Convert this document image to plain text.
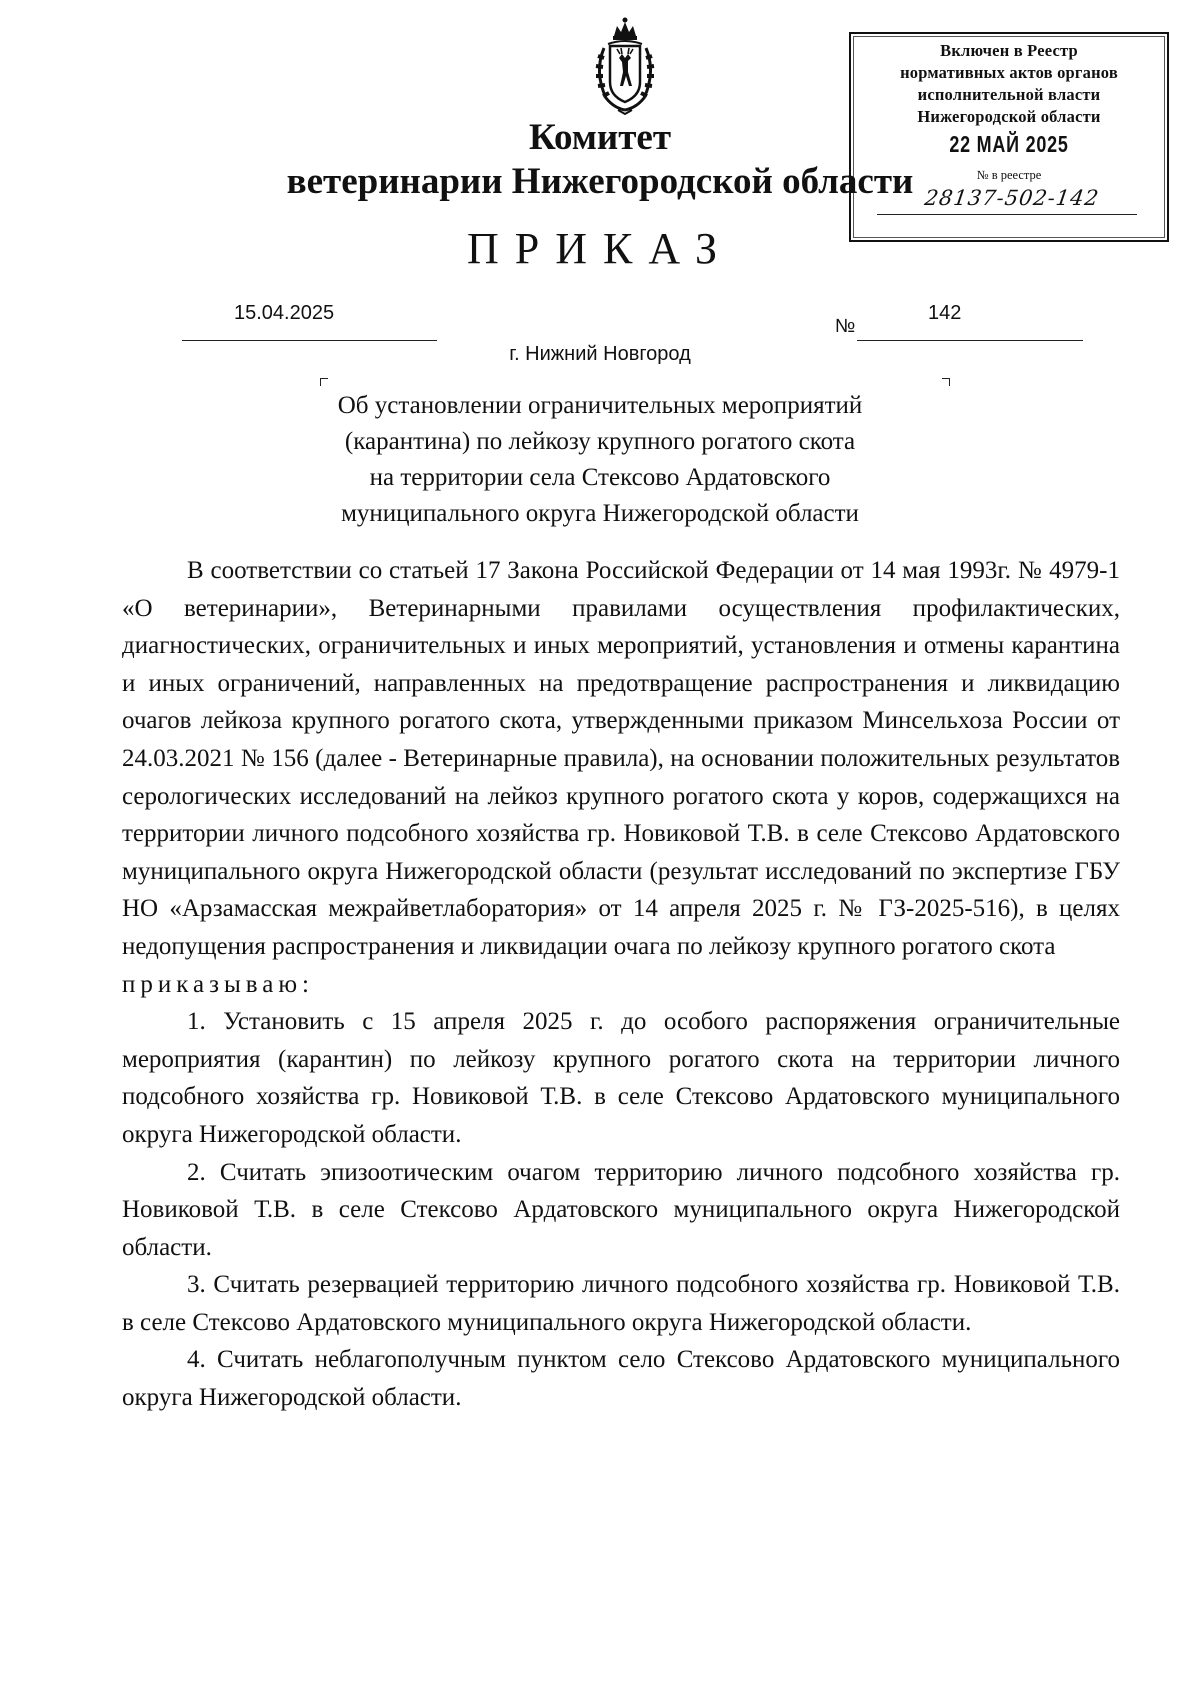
Включен в Реестр
нормативных актов органов
исполнительной власти
Нижегородской области
22 МАЙ 2025
№ в реестре
28137-502-142
Комитет
ветеринарии Нижегородской области
ПРИКАЗ
15.04.2025
№
142
г. Нижний Новгород
Об установлении ограничительных мероприятий
(карантина) по лейкозу крупного рогатого скота
на территории села Стексово Ардатовского
муниципального округа Нижегородской области

В соответствии со статьей 17 Закона Российской Федерации от 14 мая 1993г. № 4979-1 «О ветеринарии», Ветеринарными правилами осуществления профилактических, диагностических, ограничительных и иных мероприятий, установления и отмены карантина и иных ограничений, направленных на предотвращение распространения и ликвидацию очагов лейкоза крупного рогатого скота, утвержденными приказом Минсельхоза России от 24.03.2021 № 156 (далее - Ветеринарные правила), на основании положительных результатов серологических исследований на лейкоз крупного рогатого скота у коров, содержащихся на территории личного подсобного хозяйства гр. Новиковой Т.В. в селе Стексово Ардатовского муниципального округа Нижегородской области (результат исследований по экспертизе ГБУ НО «Арзамасская межрайветлаборатория» от 14 апреля 2025 г. № ГЗ-2025-516), в целях недопущения распространения и ликвидации очага по лейкозу крупного рогатого скота

приказываю:

1. Установить с 15 апреля 2025 г. до особого распоряжения ограничительные мероприятия (карантин) по лейкозу крупного рогатого скота на территории личного подсобного хозяйства гр. Новиковой Т.В. в селе Стексово Ардатовского муниципального округа Нижегородской области.

2. Считать эпизоотическим очагом территорию личного подсобного хозяйства гр. Новиковой Т.В. в селе Стексово Ардатовского муниципального округа Нижегородской области.

3. Считать резервацией территорию личного подсобного хозяйства гр. Новиковой Т.В. в селе Стексово Ардатовского муниципального округа Нижегородской области.

4. Считать неблагополучным пунктом село Стексово Ардатовского муниципального округа Нижегородской области.
